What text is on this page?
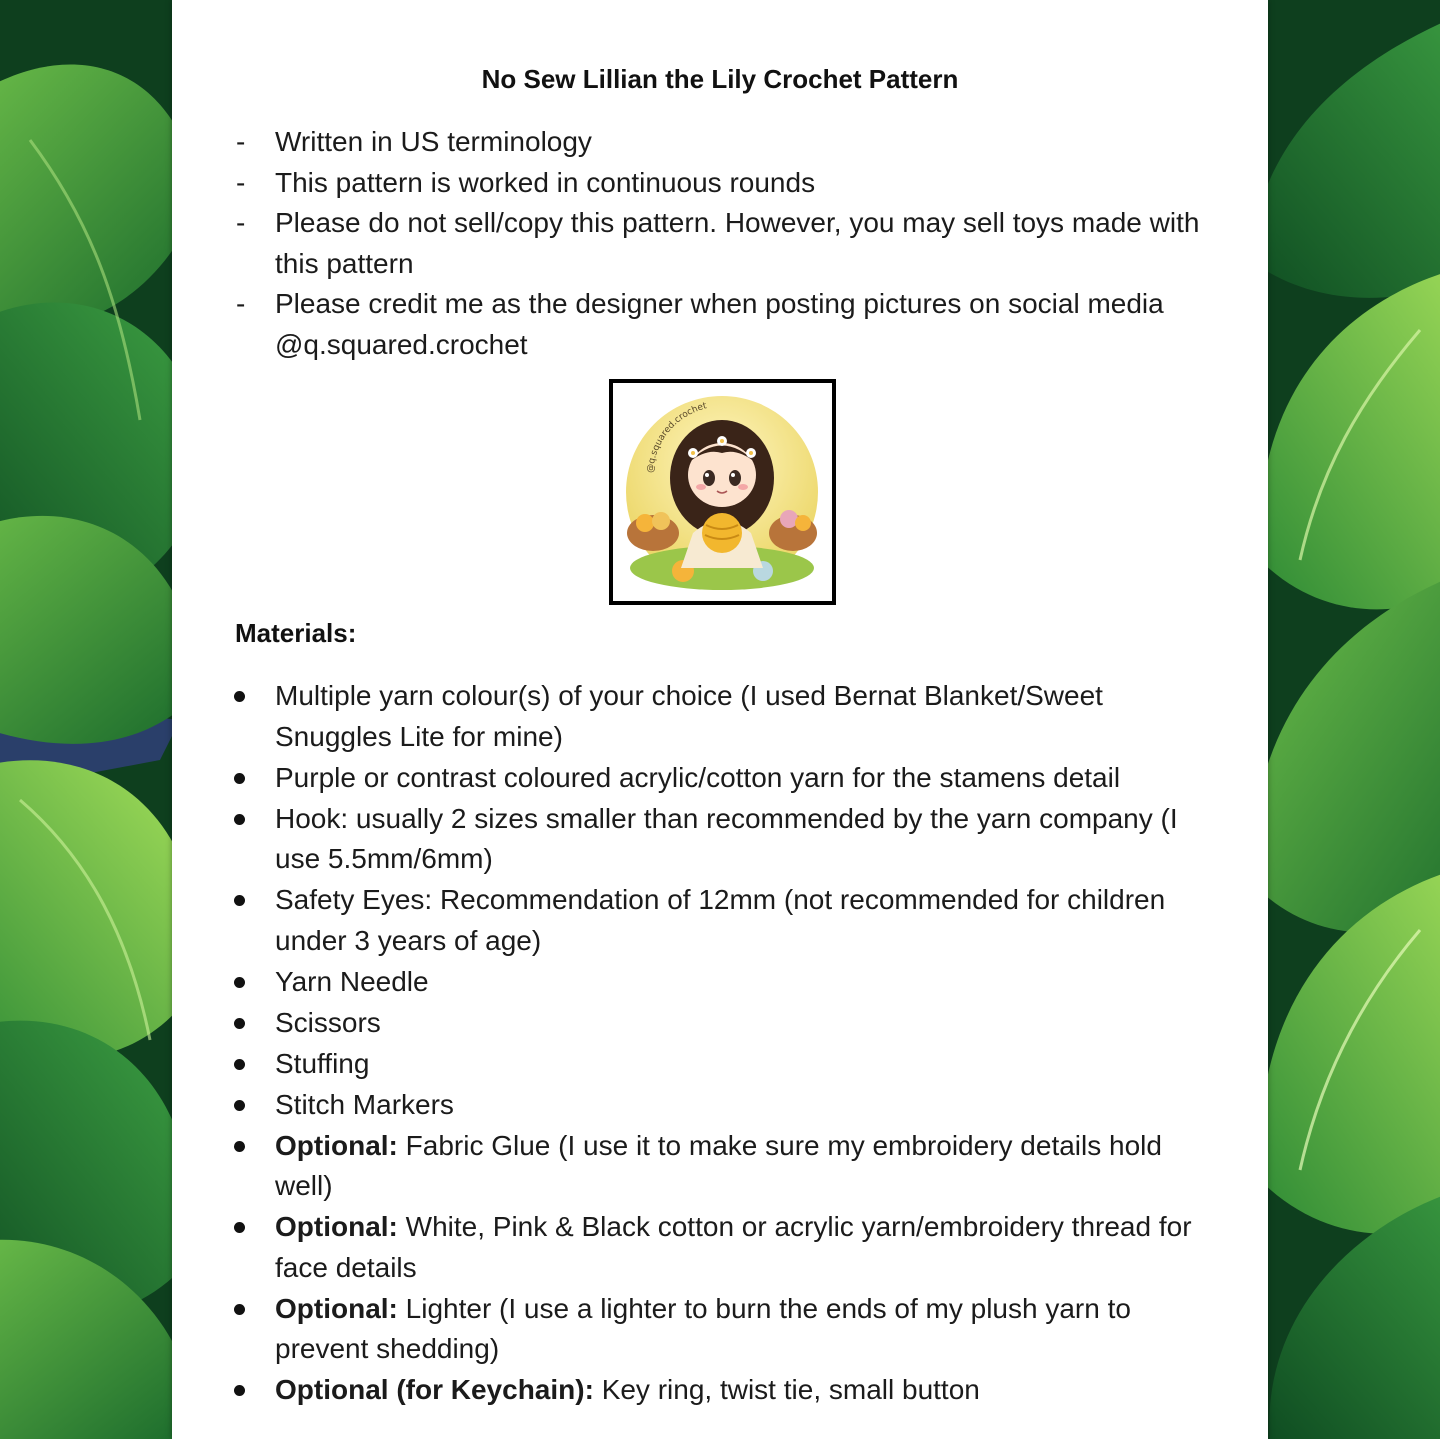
No Sew Lillian the Lily Crochet Pattern
- Written in US terminology
- This pattern is worked in continuous rounds
- Please do not sell/copy this pattern. However, you may sell toys made with this pattern
- Please credit me as the designer when posting pictures on social media @q.squared.crochet
@q.squared.crochet
Materials:
Multiple yarn colour(s) of your choice (I used Bernat Blanket/Sweet Snuggles Lite for mine)
Purple or contrast coloured acrylic/cotton yarn for the stamens detail
Hook: usually 2 sizes smaller than recommended by the yarn company (I use 5.5mm/6mm)
Safety Eyes: Recommendation of 12mm (not recommended for children under 3 years of age)
Yarn Needle
Scissors
Stuffing
Stitch Markers
Optional: Fabric Glue (I use it to make sure my embroidery details hold well)
Optional: White, Pink & Black cotton or acrylic yarn/embroidery thread for face details
Optional: Lighter (I use a lighter to burn the ends of my plush yarn to prevent shedding)
Optional (for Keychain): Key ring, twist tie, small button
